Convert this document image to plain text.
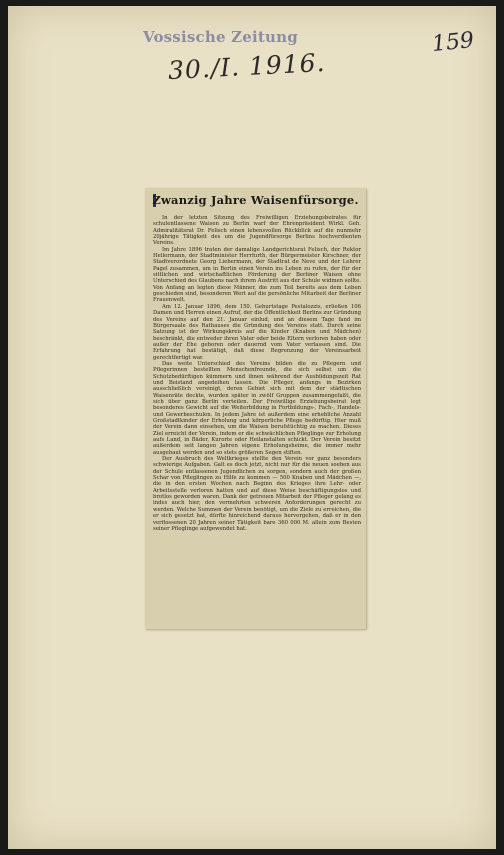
Vossische Zeitung
30./I. 1916.
159
Zwanzig Jahre Waisenfürsorge.

In der letzten Sitzung des Freiwilligen Erziehungsbeirates für schulentlassene Waisen zu Berlin warf der Ehrenpräsident Wirkl. Geh. Admiralitätsrat Dr. Felisch einen lebensvollen Rückblick auf die nunmehr 20jährige Tätigkeit des um die Jugendfürsorge Berlins hochverdienten Vereins.

Im Jahre 1896 traten der damalige Landgerichtsrat Felisch, der Rektor Hellermann, der Stadtminister Herrfurth, der Bürgermeister Kirschner, der Stadtverordnete Georg Liebermann, der Stadtrat de Neve und der Lehrer Pagel zusammen, um in Berlin einen Verein ins Leben zu rufen, der für der sittlichen und wirtschaftlichen Förderung der Berliner Waisen ohne Unterschied des Glaubens nach ihrem Austritt aus der Schule widmen sollte. Von Anfang an legten diese Männer, die zum Teil bereits aus dem Leben geschieden sind, besonderen Wert auf die persönliche Mitarbeit der Berliner Frauenwelt.

Am 12. Januar 1896, dem 150. Geburtstage Pestalozzis, erließen 106 Damen und Herren einen Aufruf, der die Öffentlichkeit Berlins zur Gründung des Vereins auf den 21. Januar einlud, und an diesem Tage fand im Bürgersaale des Rathauses die Gründung des Vereins statt. Durch seine Satzung ist der Wirkungskreis auf die Kinder (Knaben und Mädchen) beschränkt, die entweder ihren Vater oder beide Eltern verloren haben oder außer der Ehe geboren oder dauernd vom Vater verlassen sind. Die Erfahrung hat bestätigt, daß diese Begrenzung der Vereinsarbeit gerechtfertigt war.

Das weite Unterschied des Vereins bilden die zu Pflegern und Pflegerinnen bestellten Menschenfreunde, die sich selbst um die Schutzbedürftigen kümmern und ihnen während der Ausbildungszeit Rat und Beistand angedeihen lassen. Die Pfleger, anfangs in Bezirken ausschließlich vereinigt, deren Gebiet sich mit dem der städtischen Waisenräte deckte, wurden später in zwölf Gruppen zusammengefaßt, die sich über ganz Berlin verteilen. Der Freiwillige Erziehungsbeirat legt besonderes Gewicht auf die Weiterbildung in Fortbildungs-, Fach-, Handels- und Gewerbeschulen. In jedem Jahre ist außerdem eine erhebliche Anzahl Großstadtkinder der Erholung und körperliche Pflege bedürftig. Hier muß der Verein dann einsehen, um die Waisen berufstüchtig zu machen. Dieses Ziel erreicht der Verein, indem er die schwächlichen Pfleglinge zur Erholung aufs Land, in Bäder, Kurorte oder Heilanstalten schickt. Der Verein besitzt außerdem seit langen Jahren eigene Erholungsheime, die immer mehr ausgebaut werden und so stets größeren Segen stiften.

Der Ausbruch des Weltkrieges stellte den Verein vor ganz besonders schwierige Aufgaben. Galt es doch jetzt, nicht nur für die neuen soeben aus der Schule entlassenen Jugendlichen zu sorgen, sondern auch der großen Schar von Pfleglingen zu Hilfe zu kommen — 500 Knaben und Mädchen —, die in den ersten Wochen nach Beginn des Krieges ihre Lehr- oder Arbeitsstelle verloren hatten und auf diese Weise beschäftigungslos und brotlos geworden waren. Dank der getreuen Mitarbeit der Pfleger gelang es indes auch hier, den vermehrten schweren Anforderungen gerecht zu werden. Welche Summen der Verein benötigt, um die Ziele zu erreichen, die er sich gesetzt hat, dürfte hinreichend daraus hervorgehen, daß er in den verflossenen 20 Jahren seiner Tätigkeit bare 360 000 M. allein zum Besten seiner Pfleglinge aufgewendet hat.
